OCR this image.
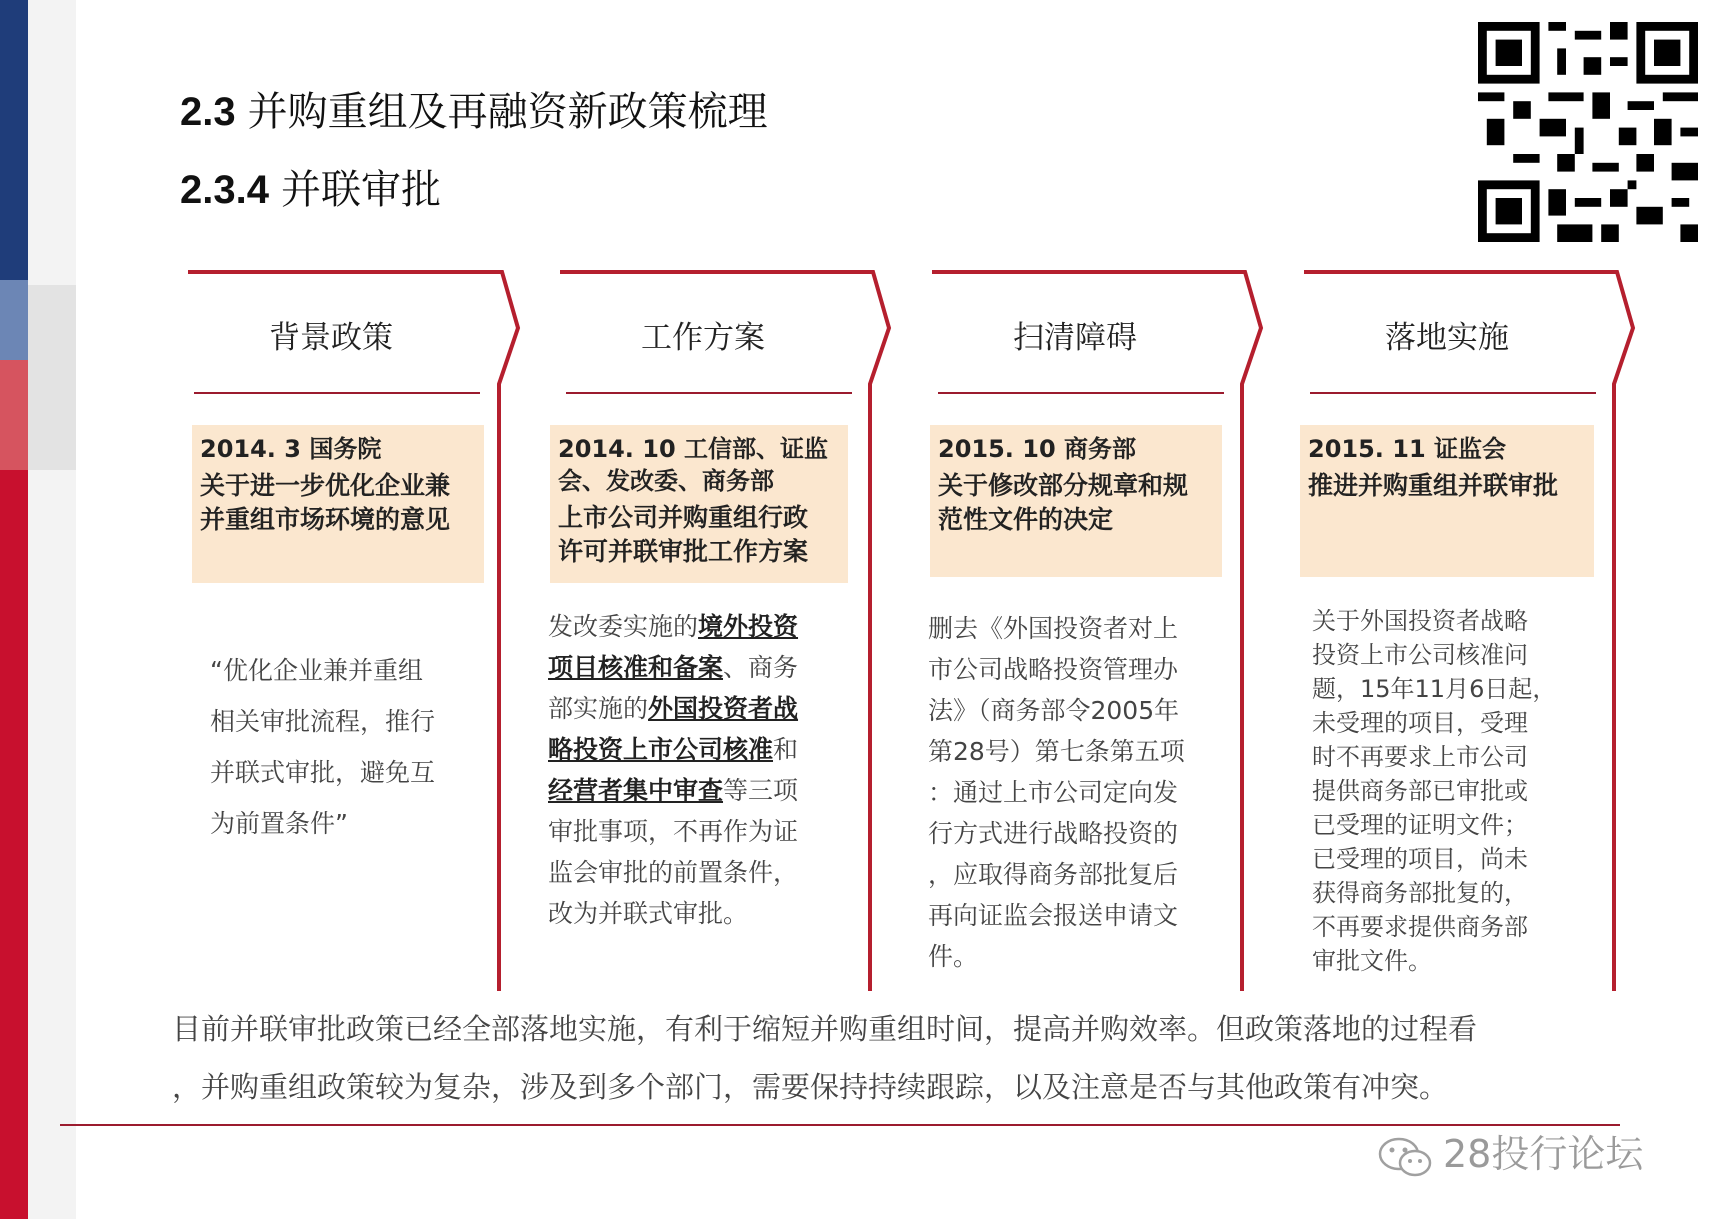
2.3 并购重组及再融资新政策梳理
2.3.4 并联审批
背景政策	工作方案	扫清障碍	落地实施
2014. 3 国务院
关于进一步优化企业兼
并重组市场环境的意见
2014. 10 工信部、证监
会、发改委、商务部
上市公司并购重组行政
许可并联审批工作方案
2015. 10 商务部
关于修改部分规章和规
范性文件的决定
2015. 11 证监会
推进并购重组并联审批
“优化企业兼并重组
相关审批流程，推行
并联式审批，避免互
为前置条件”
发改委实施的境外投资
项目核准和备案、商务
部实施的外国投资者战
略投资上市公司核准和
经营者集中审查等三项
审批事项，不再作为证
监会审批的前置条件，
改为并联式审批。
删去《外国投资者对上
市公司战略投资管理办
法》（商务部令2005年
第28号）第七条第五项
：通过上市公司定向发
行方式进行战略投资的
，应取得商务部批复后
再向证监会报送申请文
件。
关于外国投资者战略
投资上市公司核准问
题，15年11月6日起，
未受理的项目，受理
时不再要求上市公司
提供商务部已审批或
已受理的证明文件；
已受理的项目，尚未
获得商务部批复的，
不再要求提供商务部
审批文件。
目前并联审批政策已经全部落地实施，有利于缩短并购重组时间，提高并购效率。但政策落地的过程看
，并购重组政策较为复杂，涉及到多个部门，需要保持持续跟踪，以及注意是否与其他政策有冲突。
28投行论坛
